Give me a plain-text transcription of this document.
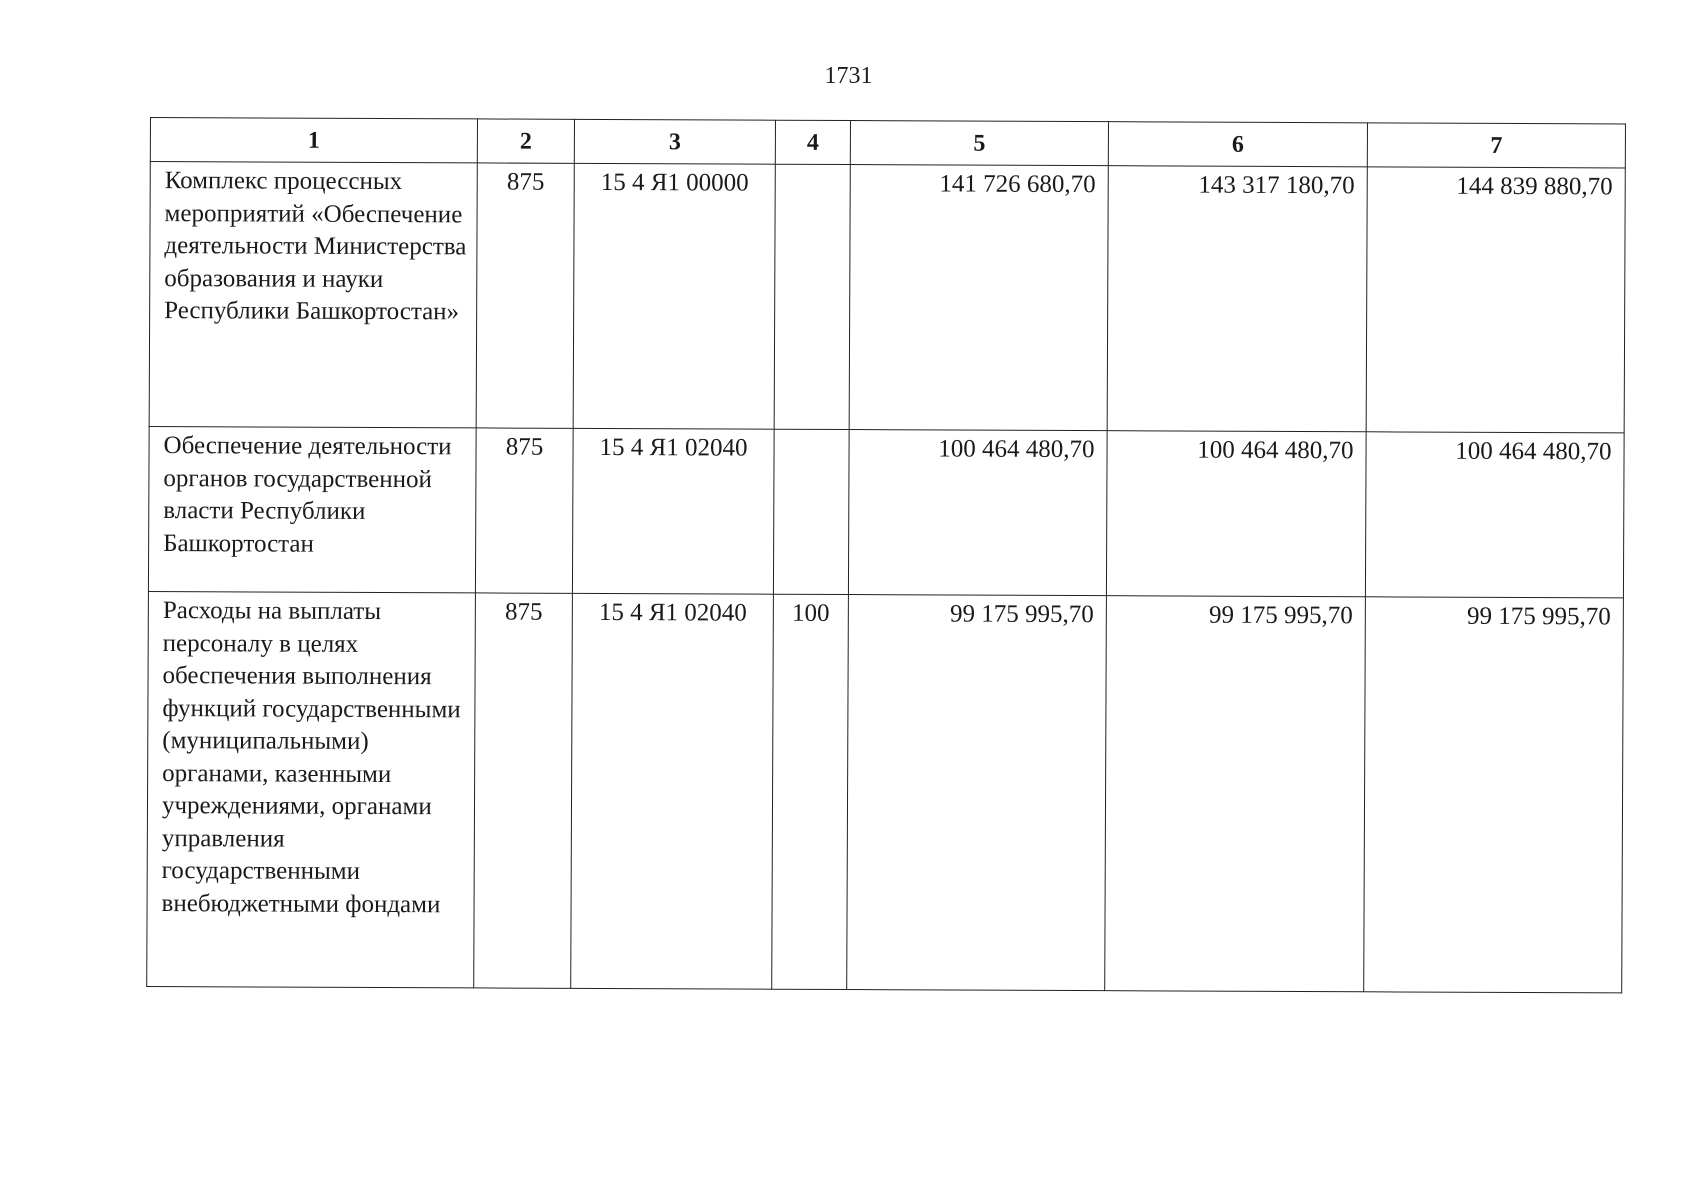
1731
1	2	3	4	5	6	7
Комплекс процессных мероприятий «Обеспечение деятельности Министерства образования и науки Республики Башкортостан»	875	15 4 Я1 00000		141 726 680,70	143 317 180,70	144 839 880,70
Обеспечение деятельности органов государственной власти Республики Башкортостан	875	15 4 Я1 02040		100 464 480,70	100 464 480,70	100 464 480,70
Расходы на выплаты персоналу в целях обеспечения выполнения функций государственными (муниципальными) органами, казенными учреждениями, органами управления государственными внебюджетными фондами	875	15 4 Я1 02040	100	99 175 995,70	99 175 995,70	99 175 995,70
